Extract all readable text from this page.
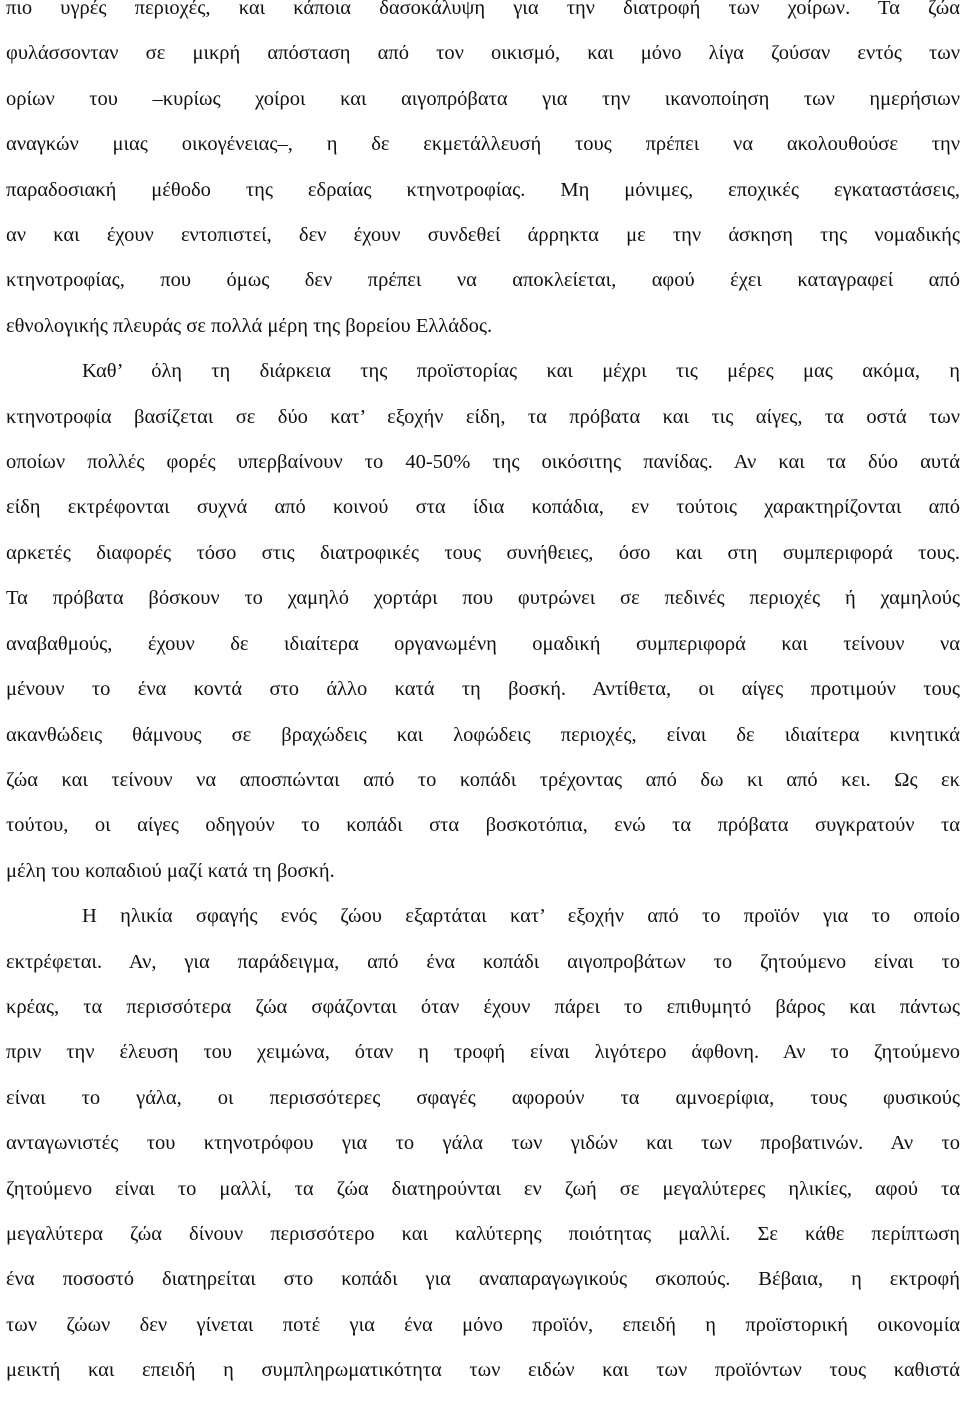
πιο υγρές περιοχές, και κάποια δασοκάλυψη για την διατροφή των χοίρων. Τα ζώα
φυλάσσονταν σε μικρή απόσταση από τον οικισμό, και μόνο λίγα ζούσαν εντός των
ορίων του –κυρίως χοίροι και αιγοπρόβατα για την ικανοποίηση των ημερήσιων
αναγκών μιας οικογένειας–, η δε εκμετάλλευσή τους πρέπει να ακολουθούσε την
παραδοσιακή μέθοδο της εδραίας κτηνοτροφίας. Μη μόνιμες, εποχικές εγκαταστάσεις,
αν και έχουν εντοπιστεί, δεν έχουν συνδεθεί άρρηκτα με την άσκηση της νομαδικής
κτηνοτροφίας, που όμως δεν πρέπει να αποκλείεται, αφού έχει καταγραφεί από
εθνολογικής πλευράς σε πολλά μέρη της βορείου Ελλάδος.

Καθ’ όλη τη διάρκεια της προϊστορίας και μέχρι τις μέρες μας ακόμα, η
κτηνοτροφία βασίζεται σε δύο κατ’ εξοχήν είδη, τα πρόβατα και τις αίγες, τα οστά των
οποίων πολλές φορές υπερβαίνουν το 40-50% της οικόσιτης πανίδας. Αν και τα δύο αυτά
είδη εκτρέφονται συχνά από κοινού στα ίδια κοπάδια, εν τούτοις χαρακτηρίζονται από
αρκετές διαφορές τόσο στις διατροφικές τους συνήθειες, όσο και στη συμπεριφορά τους.
Τα πρόβατα βόσκουν το χαμηλό χορτάρι που φυτρώνει σε πεδινές περιοχές ή χαμηλούς
αναβαθμούς, έχουν δε ιδιαίτερα οργανωμένη ομαδική συμπεριφορά και τείνουν να
μένουν το ένα κοντά στο άλλο κατά τη βοσκή. Αντίθετα, οι αίγες προτιμούν τους
ακανθώδεις θάμνους σε βραχώδεις και λοφώδεις περιοχές, είναι δε ιδιαίτερα κινητικά
ζώα και τείνουν να αποσπώνται από το κοπάδι τρέχοντας από δω κι από κει. Ως εκ
τούτου, οι αίγες οδηγούν το κοπάδι στα βοσκοτόπια, ενώ τα πρόβατα συγκρατούν τα
μέλη του κοπαδιού μαζί κατά τη βοσκή.

Η ηλικία σφαγής ενός ζώου εξαρτάται κατ’ εξοχήν από το προϊόν για το οποίο
εκτρέφεται. Αν, για παράδειγμα, από ένα κοπάδι αιγοπροβάτων το ζητούμενο είναι το
κρέας, τα περισσότερα ζώα σφάζονται όταν έχουν πάρει το επιθυμητό βάρος και πάντως
πριν την έλευση του χειμώνα, όταν η τροφή είναι λιγότερο άφθονη. Αν το ζητούμενο
είναι το γάλα, οι περισσότερες σφαγές αφορούν τα αμνοερίφια, τους φυσικούς
ανταγωνιστές του κτηνοτρόφου για το γάλα των γιδών και των προβατινών. Αν το
ζητούμενο είναι το μαλλί, τα ζώα διατηρούνται εν ζωή σε μεγαλύτερες ηλικίες, αφού τα
μεγαλύτερα ζώα δίνουν περισσότερο και καλύτερης ποιότητας μαλλί. Σε κάθε περίπτωση
ένα ποσοστό διατηρείται στο κοπάδι για αναπαραγωγικούς σκοπούς. Βέβαια, η εκτροφή
των ζώων δεν γίνεται ποτέ για ένα μόνο προϊόν, επειδή η προϊστορική οικονομία
μεικτή και επειδή η συμπληρωματικότητα των ειδών και των προϊόντων τους καθιστά
